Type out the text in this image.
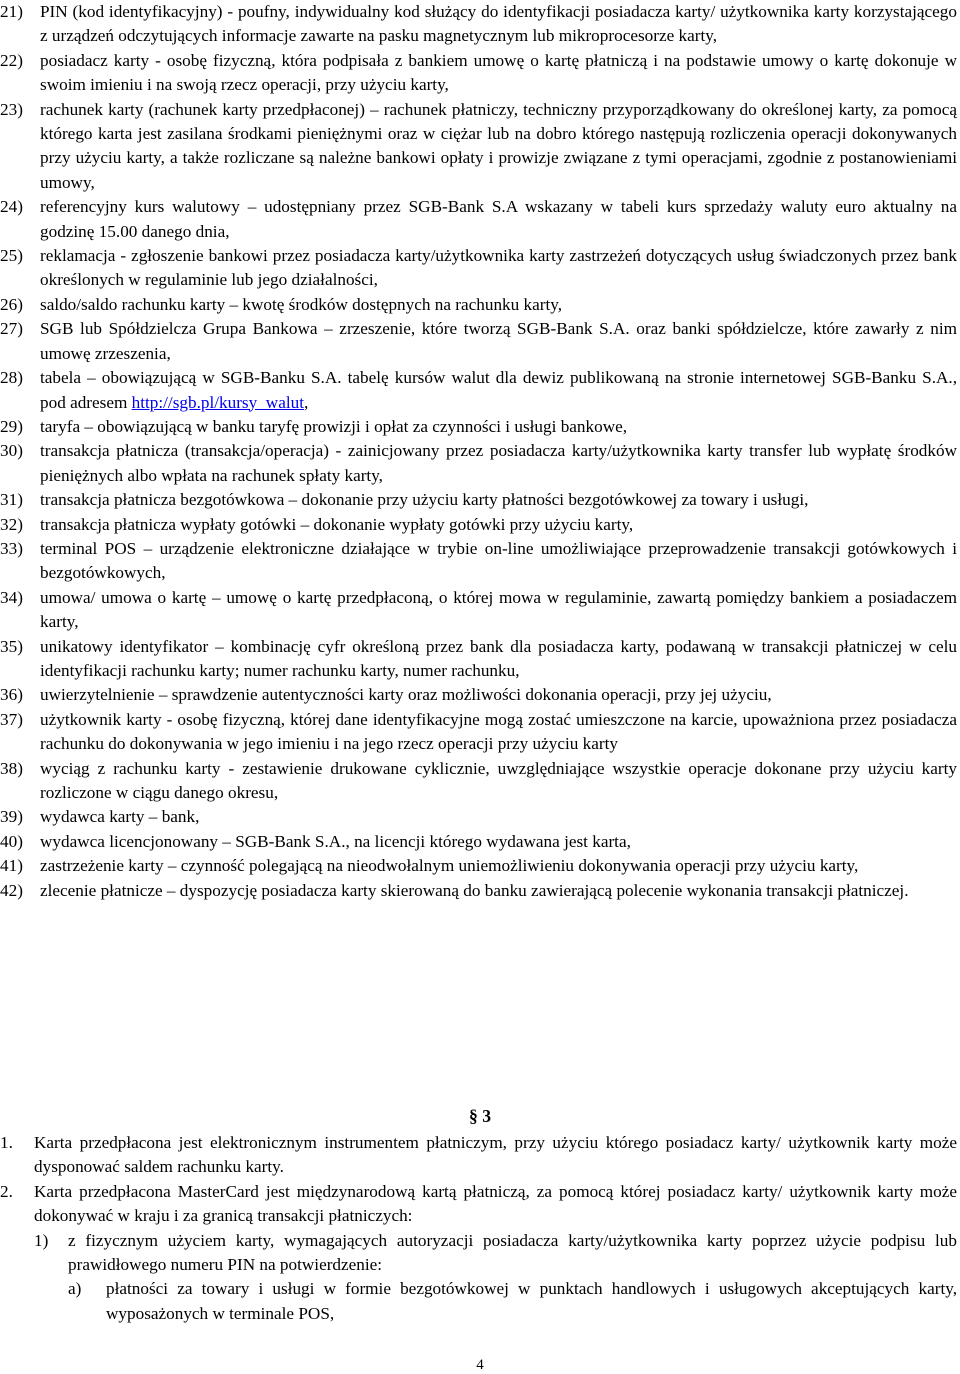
21) PIN (kod identyfikacyjny) - poufny, indywidualny kod służący do identyfikacji posiadacza karty/ użytkownika karty korzystającego z urządzeń odczytujących informacje zawarte na pasku magnetycznym lub mikroprocesorze karty,

22) posiadacz karty - osobę fizyczną, która podpisała z bankiem umowę o kartę płatniczą i na podstawie umowy o kartę dokonuje w swoim imieniu i na swoją rzecz operacji, przy użyciu karty,

23) rachunek karty (rachunek karty przedpłaconej) – rachunek płatniczy, techniczny przyporządkowany do określonej karty, za pomocą którego karta jest zasilana środkami pieniężnymi oraz w ciężar lub na dobro którego następują rozliczenia operacji dokonywanych przy użyciu karty, a także rozliczane są należne bankowi opłaty i prowizje związane z tymi operacjami, zgodnie z postanowieniami umowy,

24) referencyjny kurs walutowy – udostępniany przez SGB-Bank S.A wskazany w tabeli kurs sprzedaży waluty euro aktualny na godzinę 15.00 danego dnia,

25) reklamacja - zgłoszenie bankowi przez posiadacza karty/użytkownika karty zastrzeżeń dotyczących usług świadczonych przez bank określonych w regulaminie lub jego działalności,

26) saldo/saldo rachunku karty – kwotę środków dostępnych na rachunku karty,

27) SGB lub Spółdzielcza Grupa Bankowa – zrzeszenie, które tworzą SGB-Bank S.A. oraz banki spółdzielcze, które zawarły z nim umowę zrzeszenia,

28) tabela – obowiązującą w SGB-Banku S.A. tabelę kursów walut dla dewiz publikowaną na stronie internetowej SGB-Banku S.A., pod adresem http://sgb.pl/kursy_walut,

29) taryfa – obowiązującą w banku taryfę prowizji i opłat za czynności i usługi bankowe,

30) transakcja płatnicza (transakcja/operacja) - zainicjowany przez posiadacza karty/użytkownika karty transfer lub wypłatę środków pieniężnych albo wpłata na rachunek spłaty karty,

31) transakcja płatnicza bezgotówkowa – dokonanie przy użyciu karty płatności bezgotówkowej za towary i usługi,

32) transakcja płatnicza wypłaty gotówki – dokonanie wypłaty gotówki przy użyciu karty,

33) terminal POS – urządzenie elektroniczne działające w trybie on-line umożliwiające przeprowadzenie transakcji gotówkowych i bezgotówkowych,

34) umowa/ umowa o kartę – umowę o kartę przedpłaconą, o której mowa w regulaminie, zawartą pomiędzy bankiem a posiadaczem karty,

35) unikatowy identyfikator – kombinację cyfr określoną przez bank dla posiadacza karty, podawaną w transakcji płatniczej w celu identyfikacji rachunku karty; numer rachunku karty, numer rachunku,

36) uwierzytelnienie – sprawdzenie autentyczności karty oraz możliwości dokonania operacji, przy jej użyciu,

37) użytkownik karty - osobę fizyczną, której dane identyfikacyjne mogą zostać umieszczone na karcie, upoważniona przez posiadacza rachunku do dokonywania w jego imieniu i na jego rzecz operacji przy użyciu karty

38) wyciąg z rachunku karty - zestawienie drukowane cyklicznie, uwzględniające wszystkie operacje dokonane przy użyciu karty rozliczone w ciągu danego okresu,

39) wydawca karty – bank,

40) wydawca licencjonowany – SGB-Bank S.A., na licencji którego wydawana jest karta,

41) zastrzeżenie karty – czynność polegającą na nieodwołalnym uniemożliwieniu dokonywania operacji przy użyciu karty,

42) zlecenie płatnicze – dyspozycję posiadacza karty skierowaną do banku zawierającą polecenie wykonania transakcji płatniczej.

§ 3

1. Karta przedpłacona jest elektronicznym instrumentem płatniczym, przy użyciu którego posiadacz karty/ użytkownik karty może dysponować saldem rachunku karty.

2. Karta przedpłacona MasterCard jest międzynarodową kartą płatniczą, za pomocą której posiadacz karty/ użytkownik karty może dokonywać w kraju i za granicą transakcji płatniczych:

1) z fizycznym użyciem karty, wymagających autoryzacji posiadacza karty/użytkownika karty poprzez użycie podpisu lub prawidłowego numeru PIN na potwierdzenie:

a) płatności za towary i usługi w formie bezgotówkowej w punktach handlowych i usługowych akceptujących karty, wyposażonych w terminale POS,

4
